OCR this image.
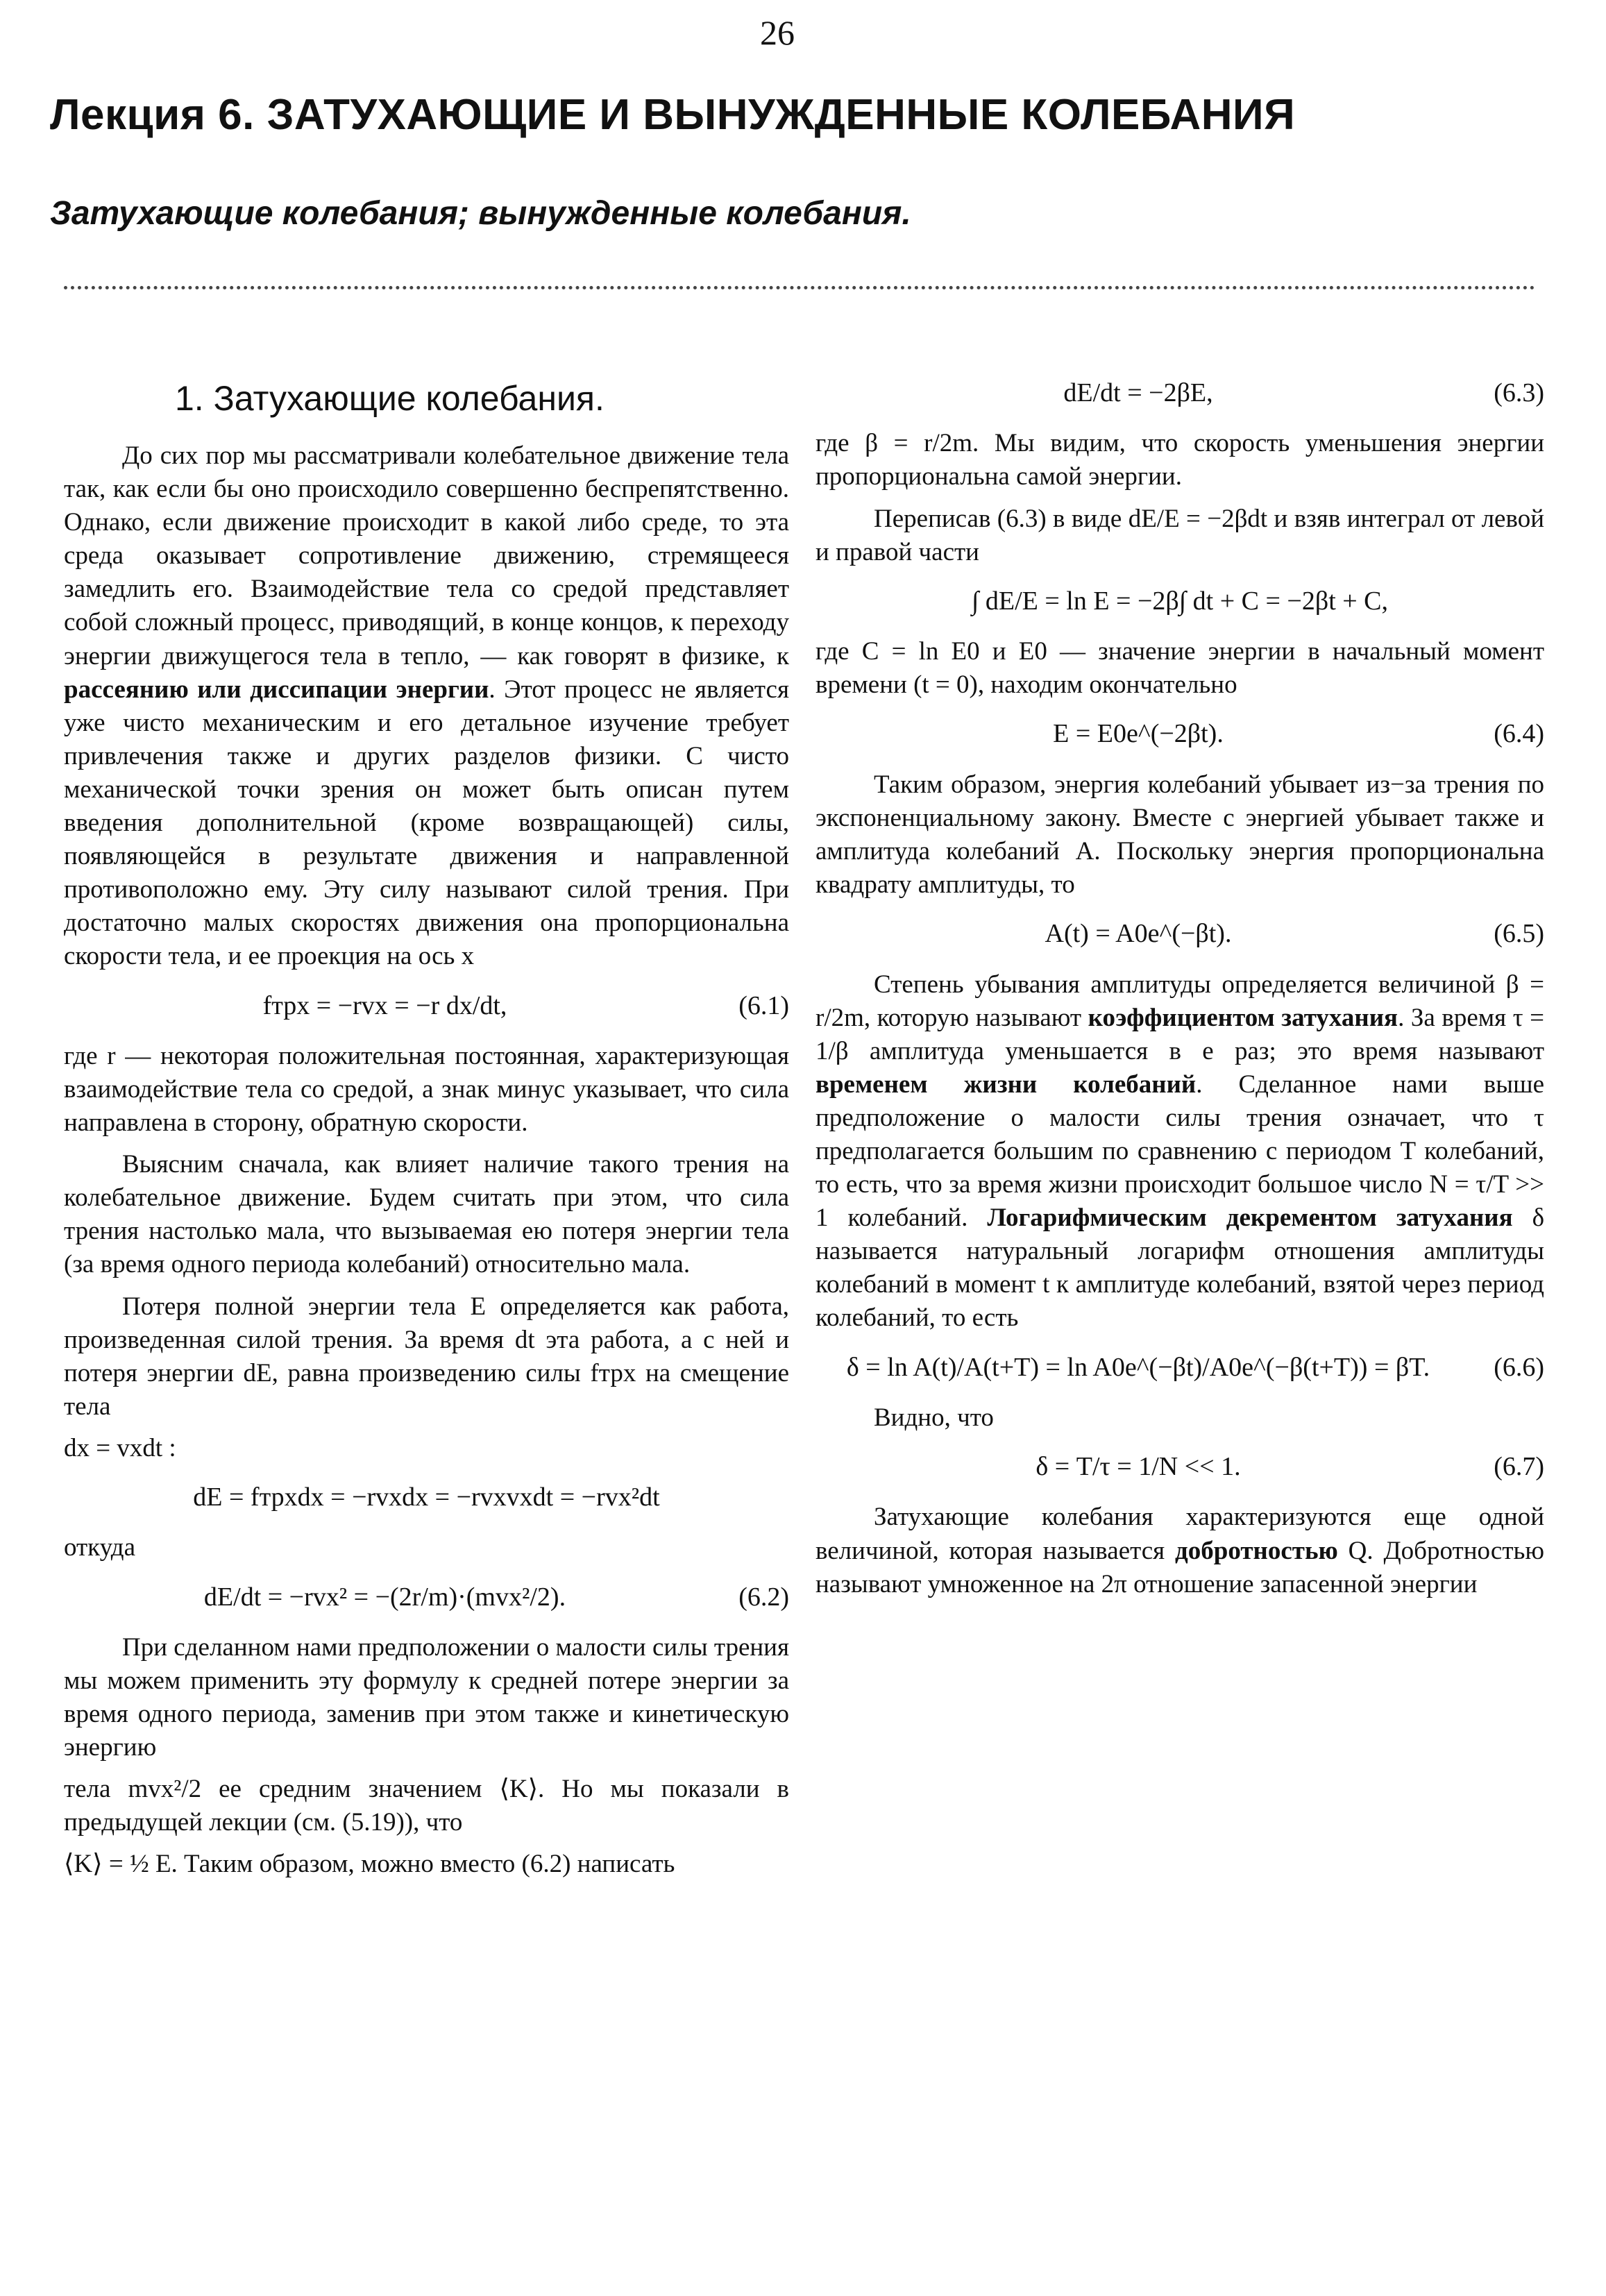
26
Лекция 6. ЗАТУХАЮЩИЕ И ВЫНУЖДЕННЫЕ КОЛЕБАНИЯ
Затухающие колебания; вынужденные колебания.
1. Затухающие колебания.

До сих пор мы рассматривали колебательное движение тела так, как если бы оно происходило совершенно беспрепятственно. Однако, если движение происходит в какой либо среде, то эта среда оказывает сопротивление движению, стремящееся замедлить его. Взаимодействие тела со средой представляет собой сложный процесс, приводящий, в конце концов, к переходу энергии движущегося тела в тепло, — как говорят в физике, к рассеянию или диссипации энергии. Этот процесс не является уже чисто механическим и его детальное изучение требует привлечения также и других разделов физики. С чисто механической точки зрения он может быть описан путем введения дополнительной (кроме возвращающей) силы, появляющейся в результате движения и направленной противоположно ему. Эту силу называют силой трения. При достаточно малых скоростях движения она пропорциональна скорости тела, и ее проекция на ось x

fтрx = −rvx = −r dx/dt,	(6.1)

где r — некоторая положительная постоянная, характеризующая взаимодействие тела со средой, а знак минус указывает, что сила направлена в сторону, обратную скорости.

Выясним сначала, как влияет наличие такого трения на колебательное движение. Будем считать при этом, что сила трения настолько мала, что вызываемая ею потеря энергии тела (за время одного периода колебаний) относительно мала.

Потеря полной энергии тела E определяется как работа, произведенная силой трения. За время dt эта работа, а с ней и потеря энергии dE, равна произведению силы fтрx на смещение тела

dx = vxdt :

dE = fтрxdx = −rvxdx = −rvxvxdt = −rvx²dt

откуда

dE/dt = −rvx² = −(2r/m)·(mvx²/2).	(6.2)

При сделанном нами предположении о малости силы трения мы можем применить эту формулу к средней потере энергии за время одного периода, заменив при этом также и кинетическую энергию

тела mvx²/2 ее средним значением ⟨K⟩. Но мы показали в предыдущей лекции (см. (5.19)), что

⟨K⟩ = ½ E. Таким образом, можно вместо (6.2) написать

dE/dt = −2βE,	(6.3)

где β = r/2m. Мы видим, что скорость уменьшения энергии пропорциональна самой энергии.

Переписав (6.3) в виде dE/E = −2βdt и взяв интеграл от левой и правой части

∫ dE/E = ln E = −2β∫ dt + C = −2βt + C,

где C = ln E0 и E0 — значение энергии в начальный момент времени (t = 0), находим окончательно

E = E0e^(−2βt).	(6.4)

Таким образом, энергия колебаний убывает из−за трения по экспоненциальному закону. Вместе с энергией убывает также и амплитуда колебаний A. Поскольку энергия пропорциональна квадрату амплитуды, то

A(t) = A0e^(−βt).	(6.5)

Степень убывания амплитуды определяется величиной β = r/2m, которую называют коэффициентом затухания. За время τ = 1/β амплитуда уменьшается в e раз; это время называют временем жизни колебаний. Сделанное нами выше предположение о малости силы трения означает, что τ предполагается большим по сравнению с периодом T колебаний, то есть, что за время жизни происходит большое число N = τ/T >> 1 колебаний. Логарифмическим декрементом затухания δ называется натуральный логарифм отношения амплитуды колебаний в момент t к амплитуде колебаний, взятой через период колебаний, то есть

δ = ln A(t)/A(t+T) = ln A0e^(−βt)/A0e^(−β(t+T)) = βT.	(6.6)

Видно, что

δ = T/τ = 1/N << 1.	(6.7)

Затухающие колебания характеризуются еще одной величиной, которая называется добротностью Q. Добротностью называют умноженное на 2π отношение запасенной энергии
